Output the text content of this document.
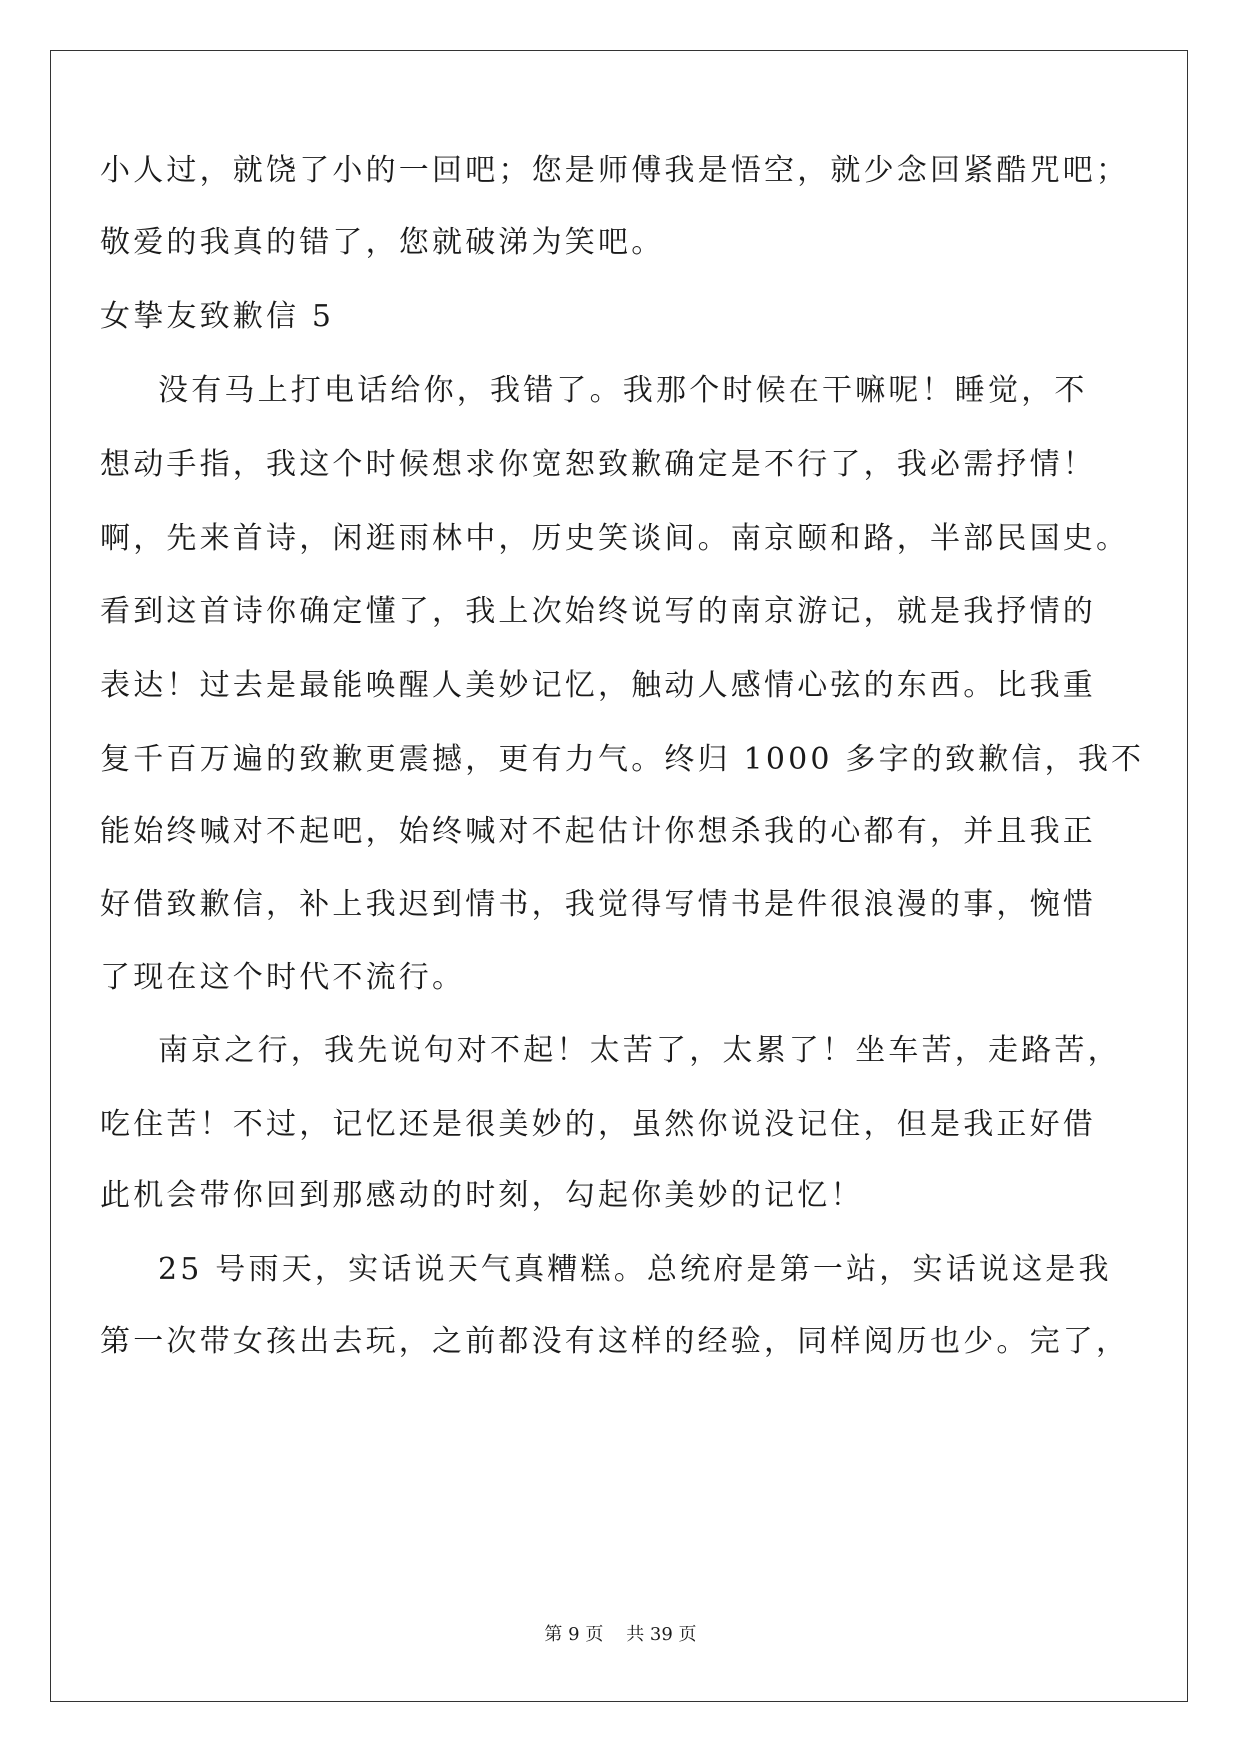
小人过，就饶了小的一回吧；您是师傅我是悟空，就少念回紧酷咒吧；
敬爱的我真的错了，您就破涕为笑吧。
女挚友致歉信 5
没有马上打电话给你，我错了。我那个时候在干嘛呢！睡觉，不
想动手指，我这个时候想求你宽恕致歉确定是不行了，我必需抒情！
啊，先来首诗，闲逛雨林中，历史笑谈间。南京颐和路，半部民国史。
看到这首诗你确定懂了，我上次始终说写的南京游记，就是我抒情的
表达！过去是最能唤醒人美妙记忆，触动人感情心弦的东西。比我重
复千百万遍的致歉更震撼，更有力气。终归 1000 多字的致歉信，我不
能始终喊对不起吧，始终喊对不起估计你想杀我的心都有，并且我正
好借致歉信，补上我迟到情书，我觉得写情书是件很浪漫的事，惋惜
了现在这个时代不流行。
南京之行，我先说句对不起！太苦了，太累了！坐车苦，走路苦，
吃住苦！不过，记忆还是很美妙的，虽然你说没记住，但是我正好借
此机会带你回到那感动的时刻，勾起你美妙的记忆！
25 号雨天，实话说天气真糟糕。总统府是第一站，实话说这是我
第一次带女孩出去玩，之前都没有这样的经验，同样阅历也少。完了，
第 9 页    共 39 页
